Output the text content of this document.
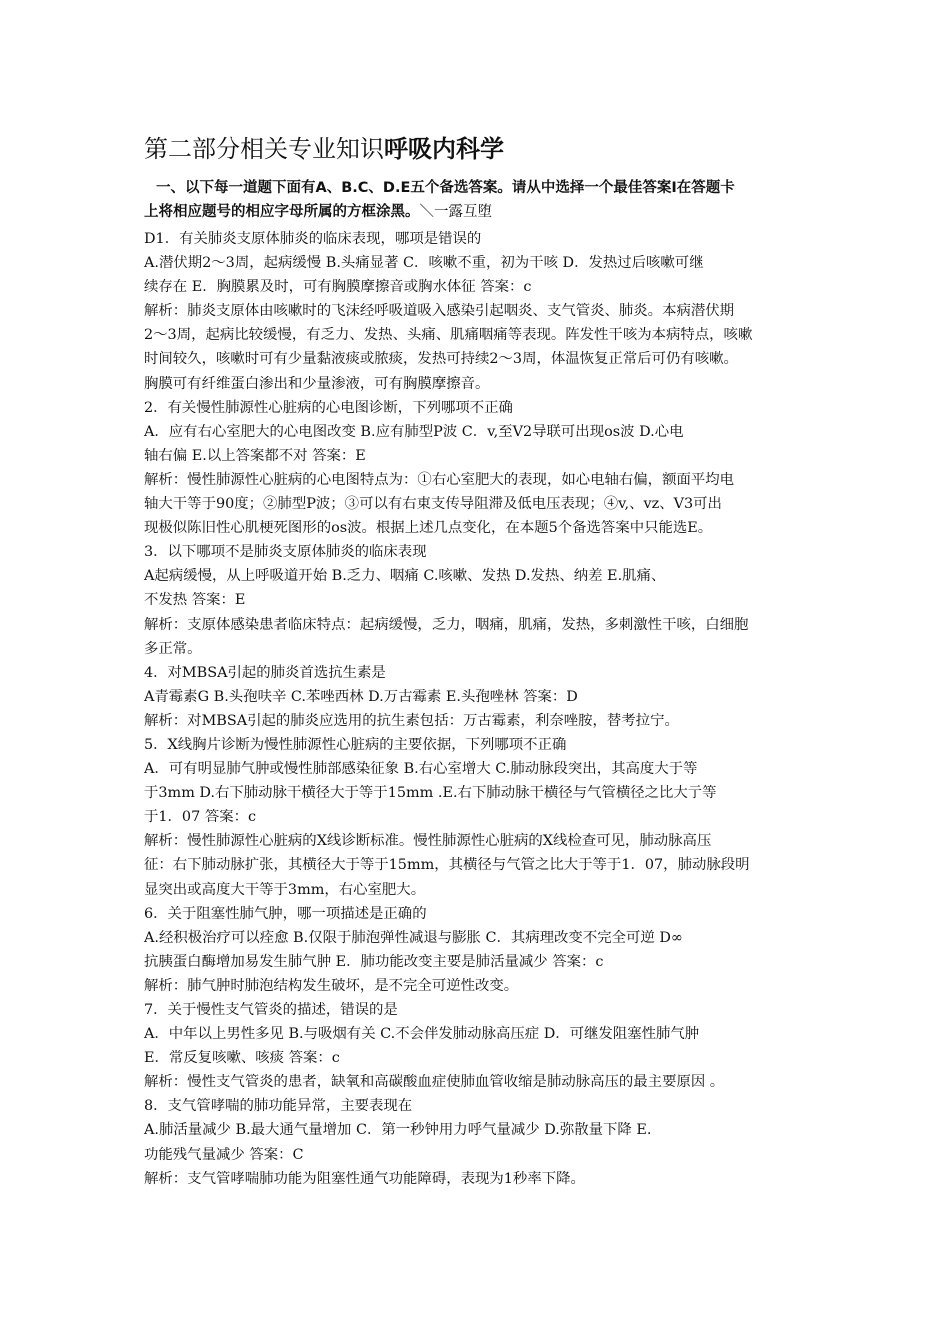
第二部分相关专业知识呼吸内科学
一、以下每一道题下面有A、B.C、D.E五个备选答案。请从中选择一个最佳答案I在答题卡
上将相应题号的相应字母所属的方框涂黑。＼一露互堕
D1．有关肺炎支原体肺炎的临床表现，哪项是错误的
A.潜伏期2～3周，起病缓慢 B.头痛显著 C．咳嗽不重，初为干咳 D．发热过后咳嗽可继
续存在 E．胸膜累及时，可有胸膜摩擦音或胸水体征 答案：c
解析：肺炎支原体由咳嗽时的飞沫经呼吸道吸入感染引起咽炎、支气管炎、肺炎。本病潜伏期
2～3周，起病比较缓慢，有乏力、发热、头痛、肌痛咽痛等表现。阵发性干咳为本病特点，咳嗽
时间较久，咳嗽时可有少量黏液痰或脓痰，发热可持续2～3周，体温恢复正常后可仍有咳嗽。
胸膜可有纤维蛋白渗出和少量渗液，可有胸膜摩擦音。
2．有关慢性肺源性心脏病的心电图诊断，下列哪项不正确
A．应有右心室肥大的心电图改变 B.应有肺型P波 C．v,至V2导联可出现os波 D.心电
轴右偏 E.以上答案都不对 答案：E
解析：慢性肺源性心脏病的心电图特点为：①右心室肥大的表现，如心电轴右偏，额面平均电
轴大干等于90度；②肺型P波；③可以有右東支传导阻滞及低电压表现；④v,、vz、V3可出
现极似陈旧性心肌梗死图形的os波。根据上述几点变化，在本题5个备选答案中只能选E。
3．以下哪项不是肺炎支原体肺炎的临床表现
A起病缓慢，从上呼吸道开始 B.乏力、咽痛 C.咳嗽、发热 D.发热、纳差 E.肌痛、
不发热 答案：E
解析：支原体感染患者临床特点：起病缓慢，乏力，咽痛，肌痛，发热，多刺激性干咳，白细胞
多正常。
4．对MBSA引起的肺炎首选抗生素是
A青霉素G B.头孢呋辛 C.苯唑西林 D.万古霉素 E.头孢唑林 答案：D
解析：对MBSA引起的肺炎应选用的抗生素包括：万古霉素，利奈唑胺，替考拉宁。
5．X线胸片诊断为慢性肺源性心脏病的主要依据，下列哪项不正确
A．可有明显肺气肿或慢性肺部感染征象 B.右心室增大 C.肺动脉段突出，其高度大于等
于3mm D.右下肺动脉干横径大于等于15mm .E.右下肺动脉干横径与气管横径之比大亍等
于1．07 答案：c
解析：慢性肺源性心脏病的X线诊断标准。慢性肺源性心脏病的X线检查可见，肺动脉高压
征：右下肺动脉扩张，其横径大于等于15mm，其横径与气管之比大于等于1．07，肺动脉段明
显突出或高度大干等于3mm，右心室肥大。
6．关于阻塞性肺气肿，哪一项描述是正确的
A.经积极治疗可以痊愈 B.仅限于肺泡弹性减退与膨胀 C．其病理改变不完全可逆 D∞
抗胰蛋白酶增加易发生肺气肿 E．肺功能改变主要是肺活量减少 答案：c
解析：肺气肿时肺泡结构发生破坏，是不完全可逆性改变。
7．关于慢性支气管炎的描述，错误的是
A．中年以上男性多见 B.与吸烟有关 C.不会伴发肺动脉高压症 D．可继发阻塞性肺气肿
E．常反复咳嗽、咳痰 答案：c
解析：慢性支气管炎的患者，缺氧和高碳酸血症使肺血管收缩是肺动脉高压的最主要原因 。
8．支气管哮喘的肺功能异常，主要表现在
A.肺活量减少 B.最大通气量增加 C．第一秒钟用力呼气量减少 D.弥散量下降 E.
功能残气量减少 答案：C
解析：支气管哮喘肺功能为阻塞性通气功能障碍，表现为1秒率下降。
